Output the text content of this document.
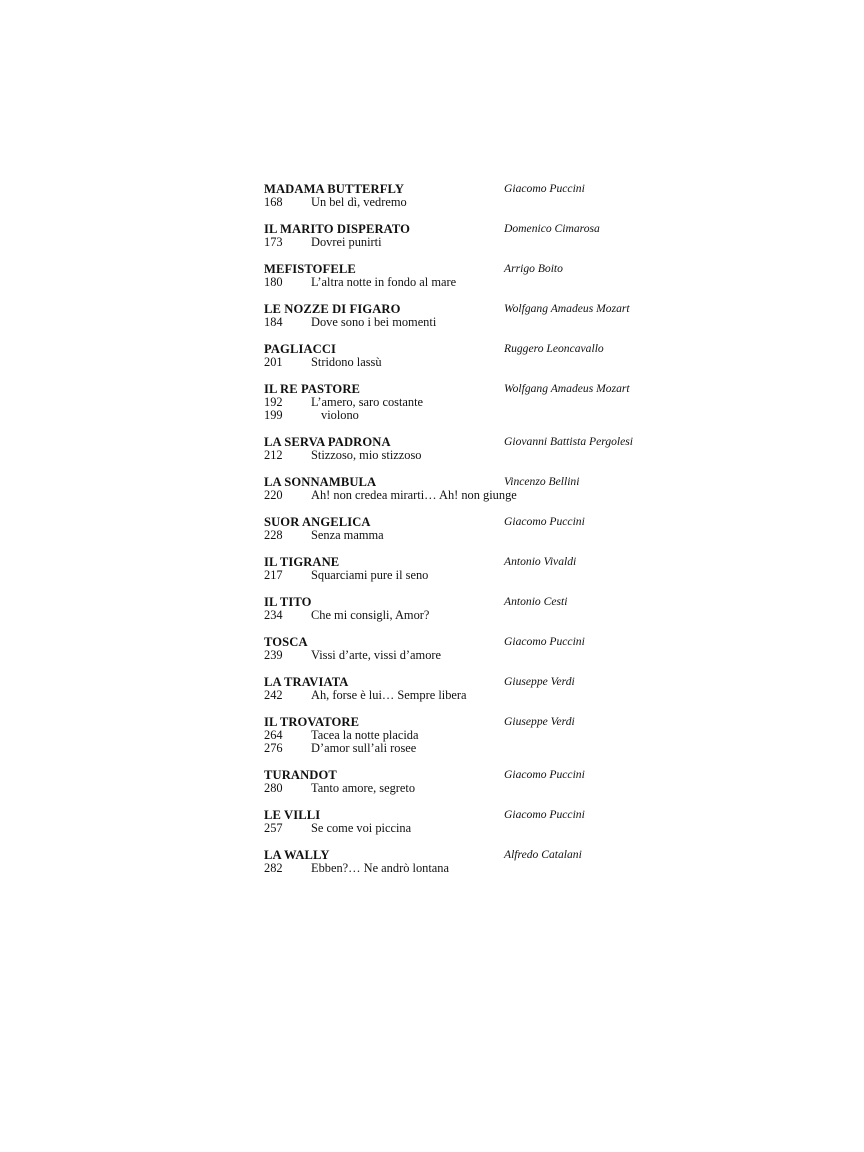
MADAMA BUTTERFLY	Giacomo Puccini
168 Un bel dì, vedremo
IL MARITO DISPERATO	Domenico Cimarosa
173 Dovrei punirti
MEFISTOFELE	Arrigo Boito
180 L’altra notte in fondo al mare
LE NOZZE DI FIGARO	Wolfgang Amadeus Mozart
184 Dove sono i bei momenti
PAGLIACCI	Ruggero Leoncavallo
201 Stridono lassù
IL RE PASTORE	Wolfgang Amadeus Mozart
192 L’amero, saro costante
199	violono
LA SERVA PADRONA	Giovanni Battista Pergolesi
212 Stizzoso, mio stizzoso
LA SONNAMBULA	Vincenzo Bellini
220 Ah! non credea mirarti… Ah! non giunge
SUOR ANGELICA	Giacomo Puccini
228 Senza mamma
IL TIGRANE	Antonio Vivaldi
217 Squarciami pure il seno
IL TITO	Antonio Cesti
234 Che mi consigli, Amor?
TOSCA	Giacomo Puccini
239 Vissi d’arte, vissi d’amore
LA TRAVIATA	Giuseppe Verdi
242 Ah, forse è lui… Sempre libera
IL TROVATORE	Giuseppe Verdi
264 Tacea la notte placida
276 D’amor sull’ali rosee
TURANDOT	Giacomo Puccini
280 Tanto amore, segreto
LE VILLI	Giacomo Puccini
257 Se come voi piccina
LA WALLY	Alfredo Catalani
282 Ebben?… Ne andrò lontana
